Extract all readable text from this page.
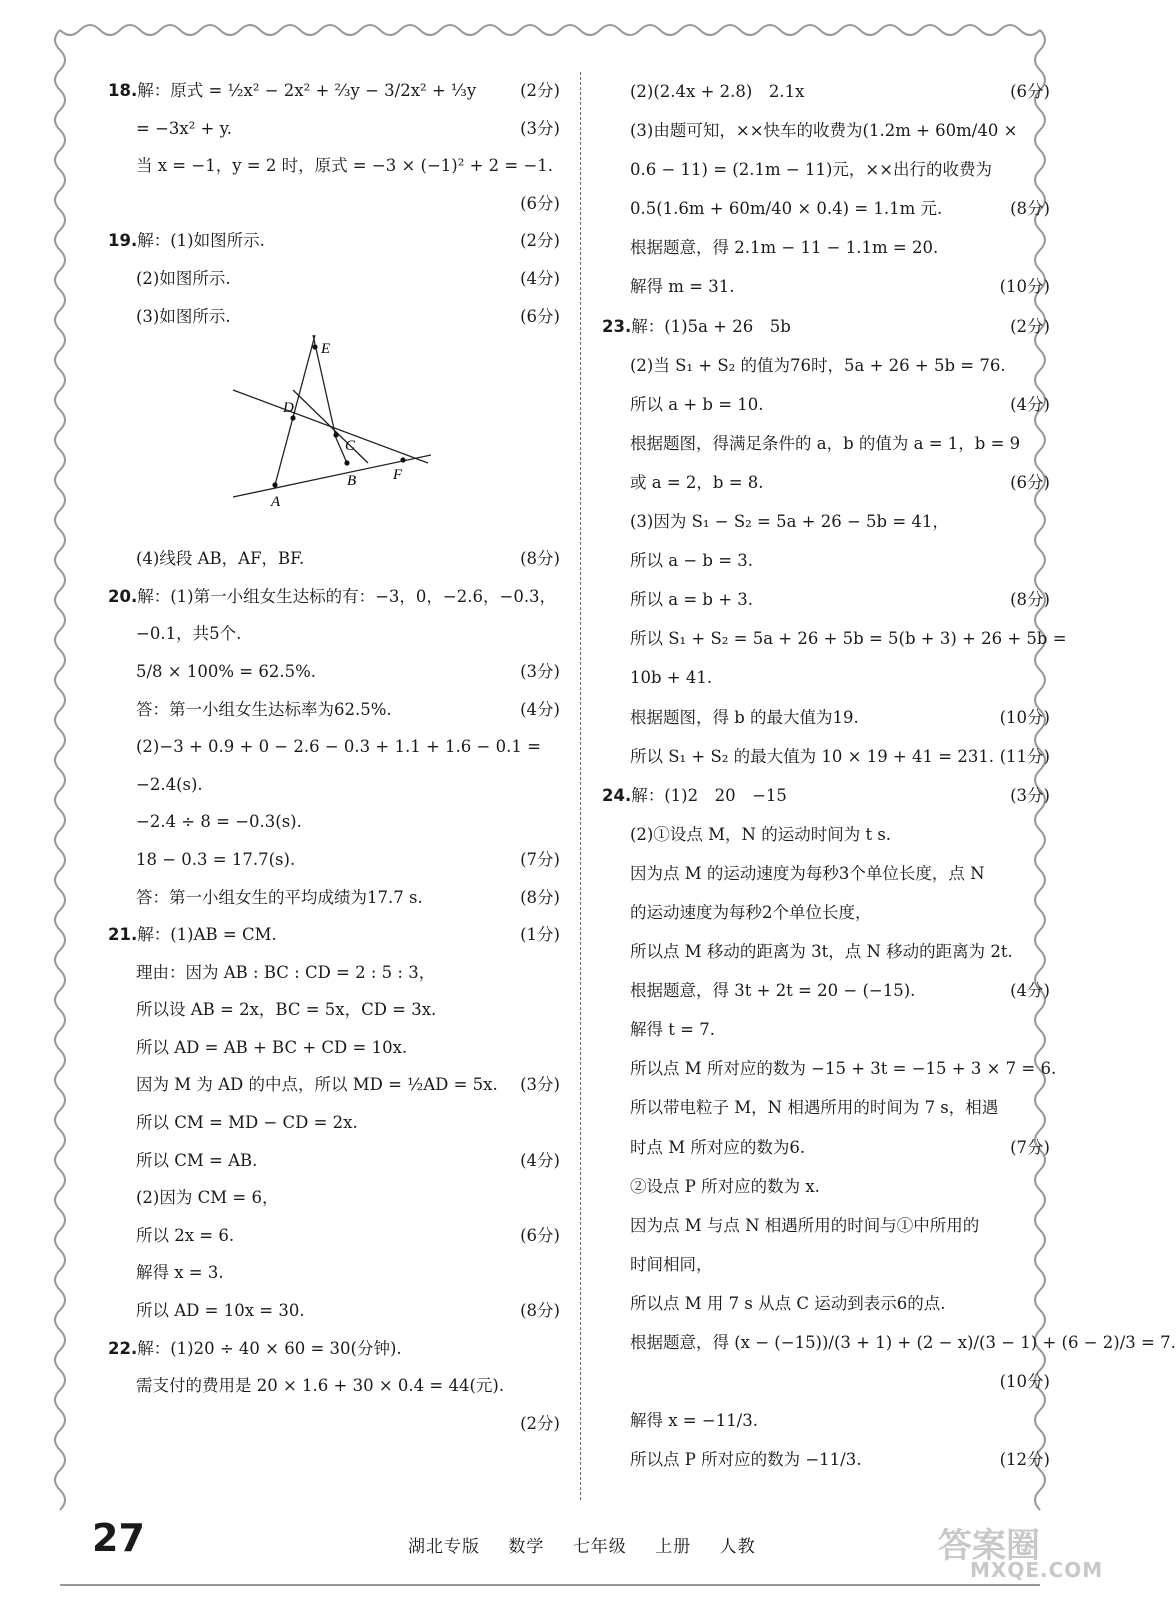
18.解：原式 = ½x² − 2x² + ⅔y − 3/2x² + ⅓y	(2分)
= −3x² + y.	(3分)
当 x = −1，y = 2 时，原式 = −3 × (−1)² + 2 = −1.
(6分)
19.解：(1)如图所示.	(2分)
(2)如图所示.	(4分)
(3)如图所示.	(6分)
E
D
C
F
A
B
(4)线段 AB，AF，BF.	(8分)
20.解：(1)第一小组女生达标的有：−3，0，−2.6，−0.3，
−0.1，共5个.
5/8 × 100% = 62.5%.	(3分)
答：第一小组女生达标率为62.5%.	(4分)
(2)−3 + 0.9 + 0 − 2.6 − 0.3 + 1.1 + 1.6 − 0.1 =
−2.4(s).
−2.4 ÷ 8 = −0.3(s).
18 − 0.3 = 17.7(s).	(7分)
答：第一小组女生的平均成绩为17.7 s.	(8分)
21.解：(1)AB = CM.	(1分)
理由：因为 AB : BC : CD = 2 : 5 : 3，
所以设 AB = 2x，BC = 5x，CD = 3x.
所以 AD = AB + BC + CD = 10x.
因为 M 为 AD 的中点，所以 MD = ½AD = 5x. (3分)
所以 CM = MD − CD = 2x.
所以 CM = AB.	(4分)
(2)因为 CM = 6，
所以 2x = 6.	(6分)
解得 x = 3.
所以 AD = 10x = 30.	(8分)
22.解：(1)20 ÷ 40 × 60 = 30(分钟).
需支付的费用是 20 × 1.6 + 30 × 0.4 = 44(元).
(2分)
(2)(2.4x + 2.8)　2.1x	(6分)
(3)由题可知，××快车的收费为(1.2m + 60m/40 ×
0.6 − 11) = (2.1m − 11)元，××出行的收费为
0.5(1.6m + 60m/40 × 0.4) = 1.1m 元.	(8分)
根据题意，得 2.1m − 11 − 1.1m = 20.
解得 m = 31.	(10分)
23.解：(1)5a + 26　5b	(2分)
(2)当 S₁ + S₂ 的值为76时，5a + 26 + 5b = 76.
所以 a + b = 10.	(4分)
根据题图，得满足条件的 a，b 的值为 a = 1，b = 9
或 a = 2，b = 8.	(6分)
(3)因为 S₁ − S₂ = 5a + 26 − 5b = 41，
所以 a − b = 3.
所以 a = b + 3.	(8分)
所以 S₁ + S₂ = 5a + 26 + 5b = 5(b + 3) + 26 + 5b =
10b + 41.
根据题图，得 b 的最大值为19.	(10分)
所以 S₁ + S₂ 的最大值为 10 × 19 + 41 = 231. (11分)
24.解：(1)2　20　−15	(3分)
(2)①设点 M，N 的运动时间为 t s.
因为点 M 的运动速度为每秒3个单位长度，点 N
的运动速度为每秒2个单位长度，
所以点 M 移动的距离为 3t，点 N 移动的距离为 2t.
根据题意，得 3t + 2t = 20 − (−15).	(4分)
解得 t = 7.
所以点 M 所对应的数为 −15 + 3t = −15 + 3 × 7 = 6.
所以带电粒子 M，N 相遇所用的时间为 7 s，相遇
时点 M 所对应的数为6.	(7分)
②设点 P 所对应的数为 x.
因为点 M 与点 N 相遇所用的时间与①中所用的
时间相同，
所以点 M 用 7 s 从点 C 运动到表示6的点.
根据题意，得 (x − (−15))/(3 + 1) + (2 − x)/(3 − 1) + (6 − 2)/3 = 7.
(10分)
解得 x = −11/3.
所以点 P 所对应的数为 −11/3.	(12分)
27	湖北专版 数学 七年级 上册 人教	答案圈
MXQE.COM
